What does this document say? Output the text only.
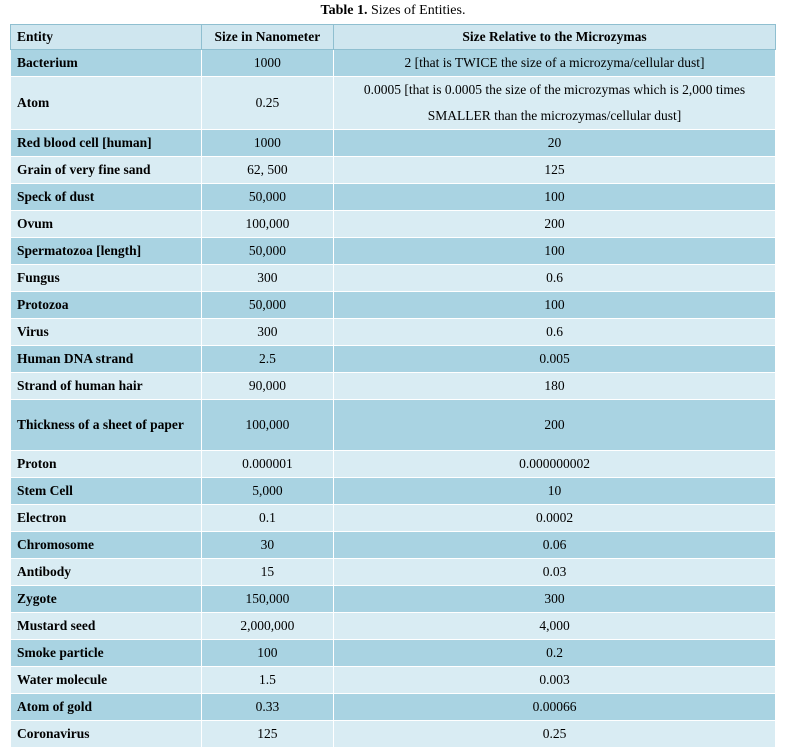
Table 1. Sizes of Entities.
Entity	Size in Nanometer	Size Relative to the Microzymas
Bacterium	1000	2 [that is TWICE the size of a microzyma/cellular dust]
Atom	0.25	0.0005 [that is 0.0005 the size of the microzymas which is 2,000 times SMALLER than the microzymas/cellular dust]
Red blood cell [human]	1000	20
Grain of very fine sand	62, 500	125
Speck of dust	50,000	100
Ovum	100,000	200
Spermatozoa [length]	50,000	100
Fungus	300	0.6
Protozoa	50,000	100
Virus	300	0.6
Human DNA strand	2.5	0.005
Strand of human hair	90,000	180
Thickness of a sheet of paper	100,000	200
Proton	0.000001	0.000000002
Stem Cell	5,000	10
Electron	0.1	0.0002
Chromosome	30	0.06
Antibody	15	0.03
Zygote	150,000	300
Mustard seed	2,000,000	4,000
Smoke particle	100	0.2
Water molecule	1.5	0.003
Atom of gold	0.33	0.00066
Coronavirus	125	0.25
